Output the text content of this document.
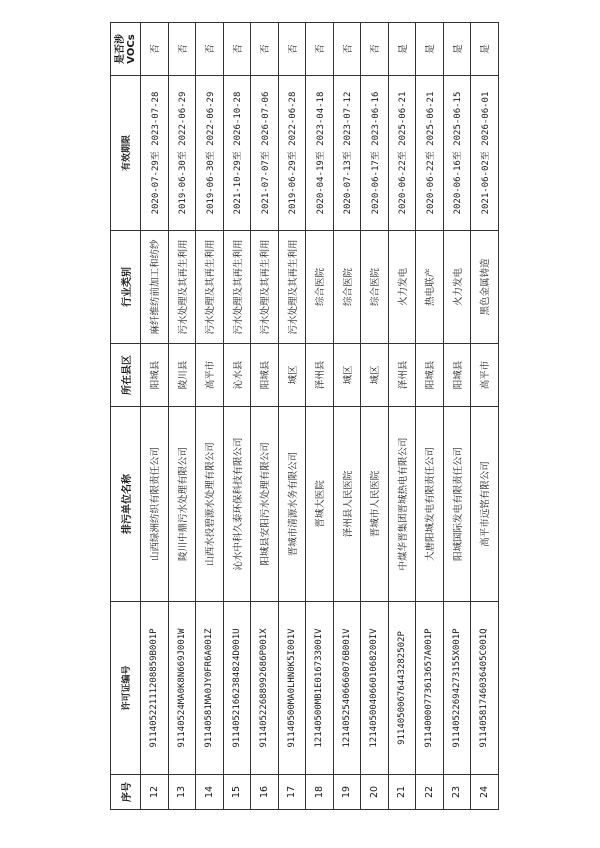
序号	许可证编号	排污单位名称	所在县区	行业类别	有效期限	是否涉VOCs
12	91140522111208859B001P	山西绿洲纺织有限责任公司	阳城县	麻纤维纺前加工和纺纱	2020-07-29至 2023-07-28	否
13	91140524MA0K8N669J001W	陵川中鼎污水处理有限公司	陵川县	污水处理及其再生利用	2019-06-30至 2022-06-29	否
14	91140581MA0JY0FR6A001Z	山西水投碧源水处理有限公司	高平市	污水处理及其再生利用	2019-06-30至 2022-06-29	否
15	91140521662384824D001U	沁水中科久泰环保科技有限公司	沁水县	污水处理及其再生利用	2021-10-29至 2026-10-28	否
16	91140522688992686P001X	阳城县安阳污水处理有限公司	阳城县	污水处理及其再生利用	2021-07-07至 2026-07-06	否
17	91140500MA0LHN0K5I001V	晋城市清源水务有限公司	城区	污水处理及其再生利用	2019-06-29至 2022-06-28	否
18	12140500MB1E01673300IV	晋城大医院	泽州县	综合医院	2020-04-19至 2023-04-18	否
19	12140525406660076B001V	泽州县人民医院	城区	综合医院	2020-07-13至 2023-07-12	否
20	12140500406601068200IV	晋城市人民医院	城区	综合医院	2020-06-17至 2023-06-16	否
21	91140500676443282502P	中煤华晋集团晋城热电有限公司	泽州县	火力发电	2020-06-22至 2025-06-21	是
22	91140000773613657A001P	大唐阳城发电有限责任公司	阳城县	热电联产	2020-06-22至 2025-06-21	是
23	91140522694273155X001P	阳城国际发电有限责任公司	阳城县	火力发电	2020-06-16至 2025-06-15	是
24	91140581746036405C001Q	高平市远铭有限公司	高平市	黑色金属铸造	2021-06-02至 2026-06-01	是
